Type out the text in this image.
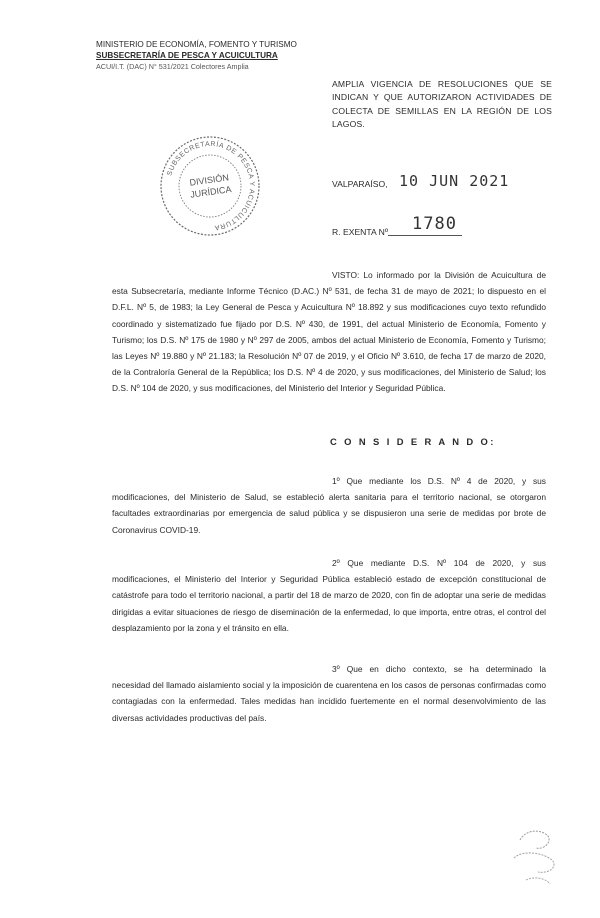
MINISTERIO DE ECONOMÍA, FOMENTO Y TURISMO
SUBSECRETARÍA DE PESCA Y ACUICULTURA
ACUI/I.T. (DAC) N° 531/2021 Colectores Amplia
AMPLIA VIGENCIA DE RESOLUCIONES QUE SE INDICAN Y QUE AUTORIZARON ACTIVIDADES DE COLECTA DE SEMILLAS EN LA REGIÓN DE LOS LAGOS.
SUBSECRETARÍA DE PESCA Y ACUICULTURA
DIVISIÓN
JURÍDICA
VALPARAÍSO, 10 JUN 2021
R. EXENTA Nº 1780
VISTO: Lo informado por la División de Acuicultura de esta Subsecretaría, mediante Informe Técnico (D.AC.) Nº 531, de fecha 31 de mayo de 2021; lo dispuesto en el D.F.L. Nº 5, de 1983; la Ley General de Pesca y Acuicultura Nº 18.892 y sus modificaciones cuyo texto refundido coordinado y sistematizado fue fijado por D.S. Nº 430, de 1991, del actual Ministerio de Economía, Fomento y Turismo; los D.S. Nº 175 de 1980 y Nº 297 de 2005, ambos del actual Ministerio de Economía, Fomento y Turismo; las Leyes Nº 19.880 y Nº 21.183; la Resolución Nº 07 de 2019, y el Oficio Nº 3.610, de fecha 17 de marzo de 2020, de la Contraloría General de la República; los D.S. Nº 4 de 2020, y sus modificaciones, del Ministerio de Salud; los D.S. Nº 104 de 2020, y sus modificaciones, del Ministerio del Interior y Seguridad Pública.
C O N S I D E R A N D O:
1º Que mediante los D.S. Nº 4 de 2020, y sus modificaciones, del Ministerio de Salud, se estableció alerta sanitaria para el territorio nacional, se otorgaron facultades extraordinarias por emergencia de salud pública y se dispusieron una serie de medidas por brote de Coronavirus COVID-19.
2º Que mediante D.S. Nº 104 de 2020, y sus modificaciones, el Ministerio del Interior y Seguridad Pública estableció estado de excepción constitucional de catástrofe para todo el territorio nacional, a partir del 18 de marzo de 2020, con fin de adoptar una serie de medidas dirigidas a evitar situaciones de riesgo de diseminación de la enfermedad, lo que importa, entre otras, el control del desplazamiento por la zona y el tránsito en ella.
3º Que en dicho contexto, se ha determinado la necesidad del llamado aislamiento social y la imposición de cuarentena en los casos de personas confirmadas como contagiadas con la enfermedad. Tales medidas han incidido fuertemente en el normal desenvolvimiento de las diversas actividades productivas del país.
